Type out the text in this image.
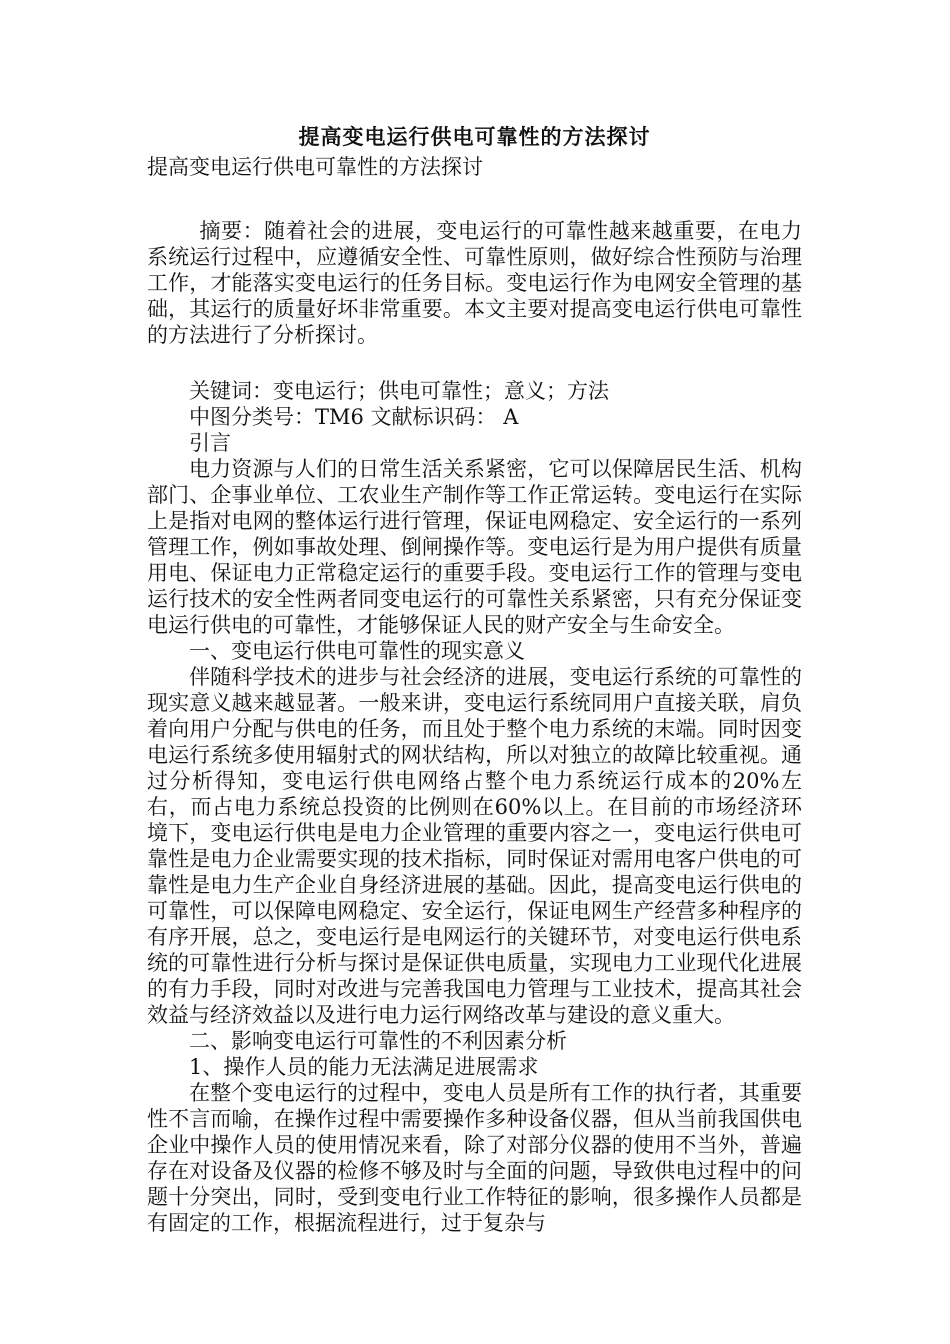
提高变电运行供电可靠性的方法探讨
提高变电运行供电可靠性的方法探讨

摘要：随着社会的进展，变电运行的可靠性越来越重要，在电力系统运行过程中，应遵循安全性、可靠性原则，做好综合性预防与治理工作，才能落实变电运行的任务目标。变电运行作为电网安全管理的基础，其运行的质量好坏非常重要。本文主要对提高变电运行供电可靠性的方法进行了分析探讨。

关键词：变电运行；供电可靠性；意义；方法

中图分类号：TM6 文献标识码： A

引言

电力资源与人们的日常生活关系紧密，它可以保障居民生活、机构部门、企事业单位、工农业生产制作等工作正常运转。变电运行在实际上是指对电网的整体运行进行管理，保证电网稳定、安全运行的一系列管理工作，例如事故处理、倒闸操作等。变电运行是为用户提供有质量用电、保证电力正常稳定运行的重要手段。变电运行工作的管理与变电运行技术的安全性两者同变电运行的可靠性关系紧密，只有充分保证变电运行供电的可靠性，才能够保证人民的财产安全与生命安全。

一、变电运行供电可靠性的现实意义

伴随科学技术的进步与社会经济的进展，变电运行系统的可靠性的现实意义越来越显著。一般来讲，变电运行系统同用户直接关联，肩负着向用户分配与供电的任务，而且处于整个电力系统的末端。同时因变电运行系统多使用辐射式的网状结构，所以对独立的故障比较重视。通过分析得知，变电运行供电网络占整个电力系统运行成本的20%左右，而占电力系统总投资的比例则在60%以上。在目前的市场经济环境下，变电运行供电是电力企业管理的重要内容之一，变电运行供电可靠性是电力企业需要实现的技术指标，同时保证对需用电客户供电的可靠性是电力生产企业自身经济进展的基础。因此，提高变电运行供电的可靠性，可以保障电网稳定、安全运行，保证电网生产经营多种程序的有序开展，总之，变电运行是电网运行的关键环节，对变电运行供电系统的可靠性进行分析与探讨是保证供电质量，实现电力工业现代化进展的有力手段，同时对改进与完善我国电力管理与工业技术，提高其社会效益与经济效益以及进行电力运行网络改革与建设的意义重大。

二、影响变电运行可靠性的不利因素分析

1、操作人员的能力无法满足进展需求

在整个变电运行的过程中，变电人员是所有工作的执行者，其重要性不言而喻，在操作过程中需要操作多种设备仪器，但从当前我国供电企业中操作人员的使用情况来看，除了对部分仪器的使用不当外，普遍存在对设备及仪器的检修不够及时与全面的问题，导致供电过程中的问题十分突出，同时，受到变电行业工作特征的影响，很多操作人员都是有固定的工作，根据流程进行，过于复杂与
